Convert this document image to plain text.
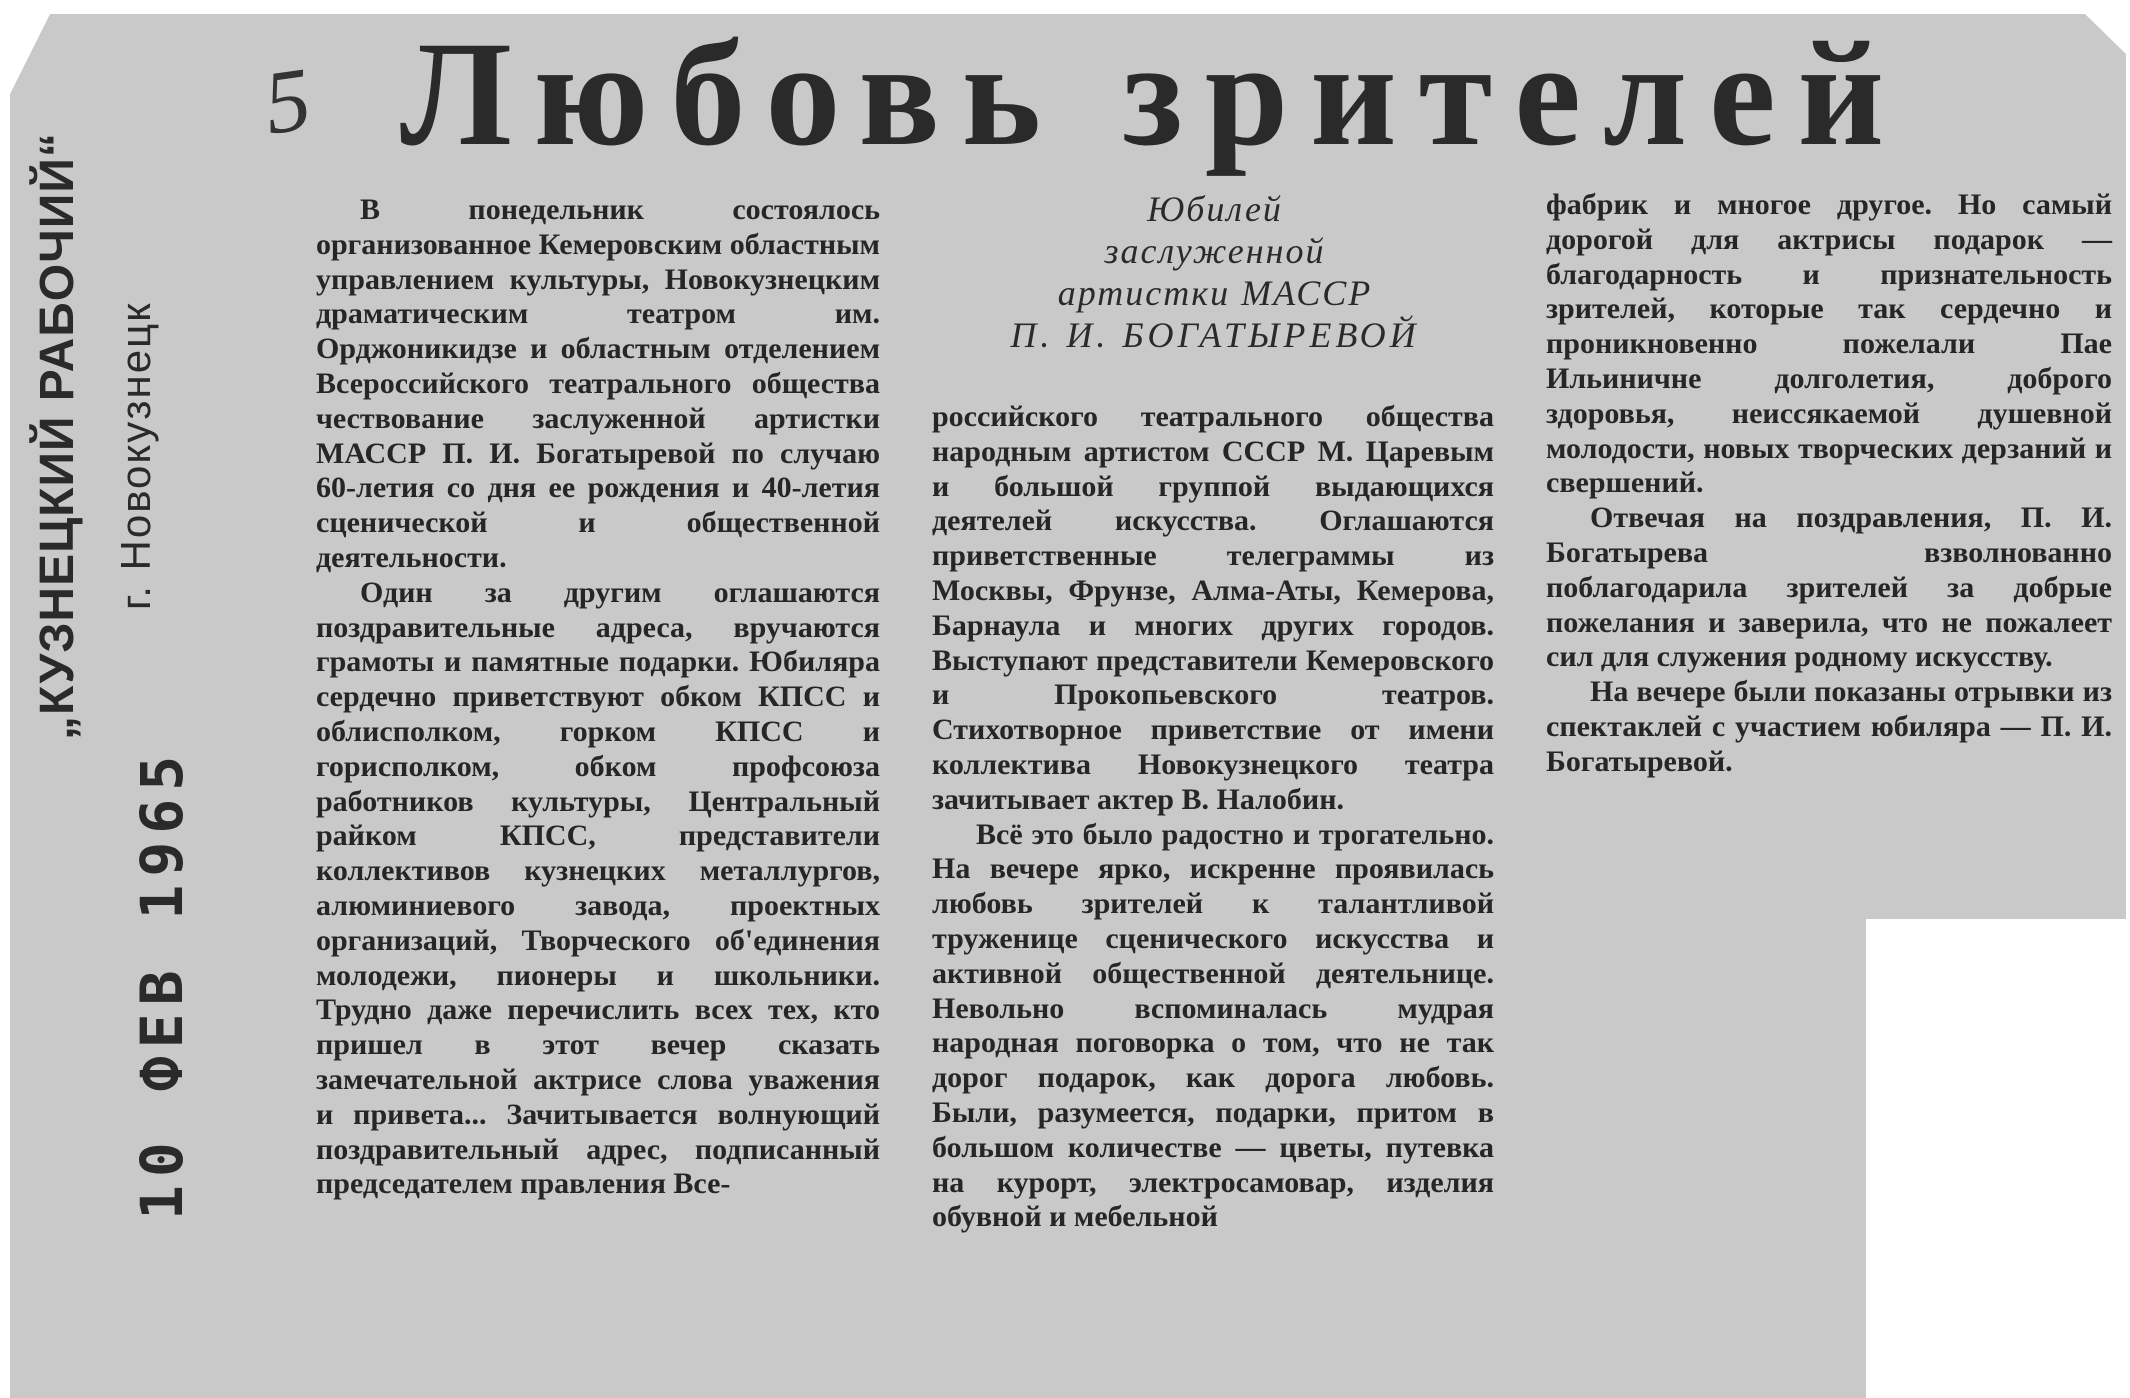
5 Любовь зрителей
„КУЗНЕЦКИЙ РАБОЧИЙ“ г. Новокузнецк
10 ФЕВ 1965
Юбилей
заслуженной
артистки МАССР
П. И. БОГАТЫРЕВОЙ

В понедельник состоялось организованное Кемеровским областным управлением культуры, Новокузнецким драматическим театром им. Орджоникидзе и областным отделением Всероссийского театрального общества чествование заслуженной артистки МАССР П. И. Богатыревой по случаю 60-летия со дня ее рождения и 40-летия сценической и общественной деятельности.

Один за другим оглашаются поздравительные адреса, вручаются грамоты и памятные подарки. Юбиляра сердечно приветствуют обком КПСС и облисполком, горком КПСС и горисполком, обком профсоюза работников культуры, Центральный райком КПСС, представители коллективов кузнецких металлургов, алюминиевого завода, проектных организаций, Творческого об'единения молодежи, пионеры и школьники. Трудно даже перечислить всех тех, кто пришел в этот вечер сказать замечательной актрисе слова уважения и привета... Зачитывается волнующий поздравительный адрес, подписанный председателем правления Все-

российского театрального общества народным артистом СССР М. Царевым и большой группой выдающихся деятелей искусства. Оглашаются приветственные телеграммы из Москвы, Фрунзе, Алма-Аты, Кемерова, Барнаула и многих других городов. Выступают представители Кемеровского и Прокопьевского театров. Стихотворное приветствие от имени коллектива Новокузнецкого театра зачитывает актер В. Налобин.

Всё это было радостно и трогательно. На вечере ярко, искренне проявилась любовь зрителей к талантливой труженице сценического искусства и активной общественной деятельнице. Невольно вспоминалась мудрая народная поговорка о том, что не так дорог подарок, как дорога любовь. Были, разумеется, подарки, притом в большом количестве — цветы, путевка на курорт, электросамовар, изделия обувной и мебельной

фабрик и многое другое. Но самый дорогой для актрисы подарок — благодарность и признательность зрителей, которые так сердечно и проникновенно пожелали Пае Ильиничне долголетия, доброго здоровья, неиссякаемой душевной молодости, новых творческих дерзаний и свершений.

Отвечая на поздравления, П. И. Богатырева взволнованно поблагодарила зрителей за добрые пожелания и заверила, что не пожалеет сил для служения родному искусству.

На вечере были показаны отрывки из спектаклей с участием юбиляра — П. И. Богатыревой.
